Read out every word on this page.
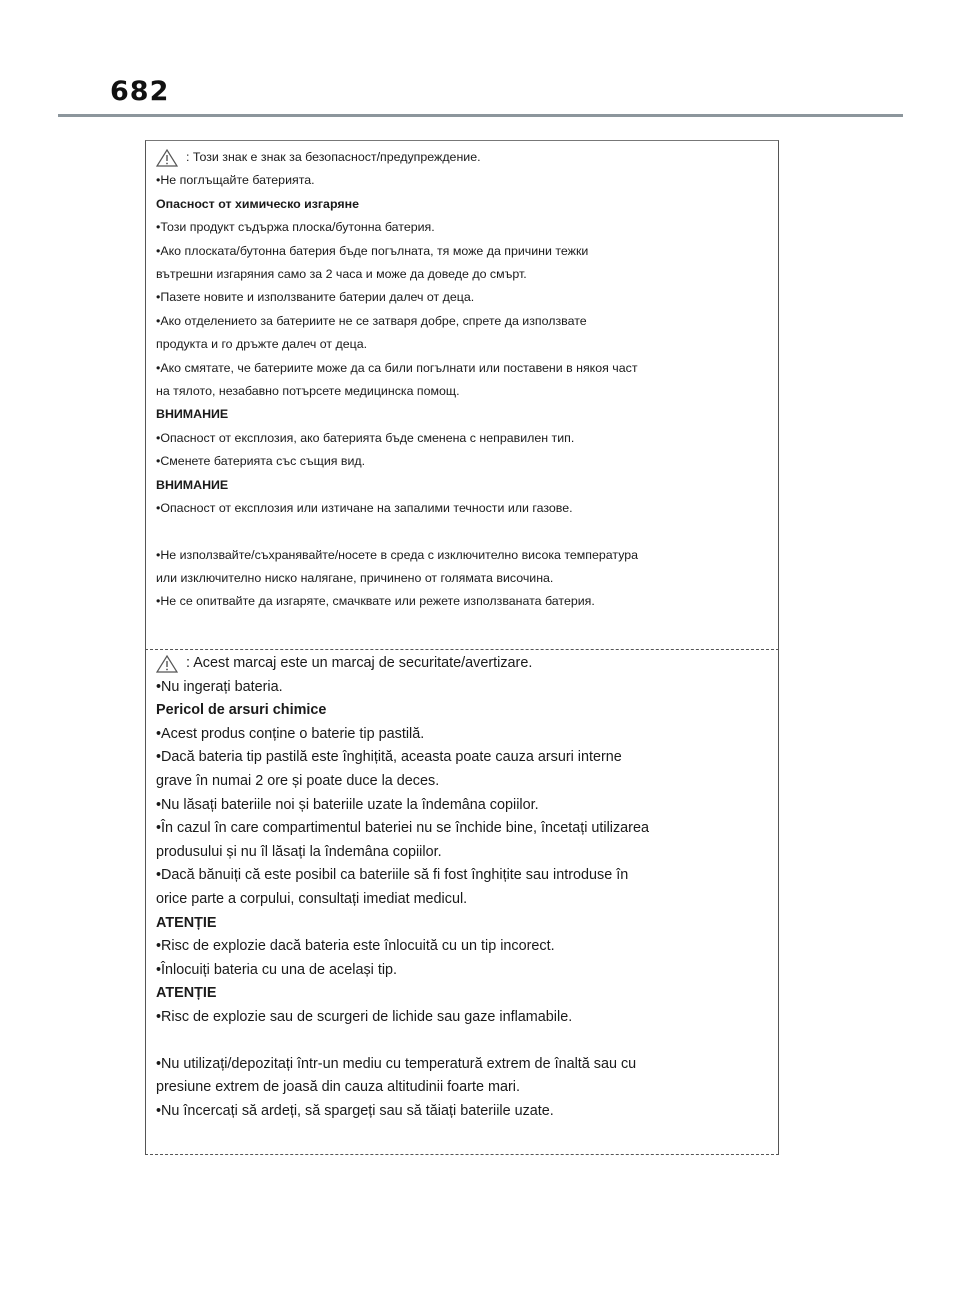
682
: Този знак е знак за безопасност/предупреждение.
•Не поглъщайте батерията.
Опасност от химическо изгаряне
•Този продукт съдържа плоска/бутонна батерия.
•Ако плоската/бутонна батерия бъде погълната, тя може да причини тежки
вътрешни изгаряния само за 2 часа и може да доведе до смърт.
•Пазете новите и използваните батерии далеч от деца.
•Ако отделението за батериите не се затваря добре, спрете да използвате
продукта и го дръжте далеч от деца.
•Ако смятате, че батериите може да са били погълнати или поставени в някоя част
на тялото, незабавно потърсете медицинска помощ.
ВНИМАНИЕ
•Опасност от експлозия, ако батерията бъде сменена с неправилен тип.
•Сменете батерията със същия вид.
ВНИМАНИЕ
•Опасност от експлозия или изтичане на запалими течности или газове.
•Не използвайте/съхранявайте/носете в среда с изключително висока температура
или изключително ниско налягане, причинено от голямата височина.
•Не се опитвайте да изгаряте, смачквате или режете използваната батерия.
: Acest marcaj este un marcaj de securitate/avertizare.
•Nu ingerați bateria.
Pericol de arsuri chimice
•Acest produs conține o baterie tip pastilă.
•Dacă bateria tip pastilă este înghițită, aceasta poate cauza arsuri interne
grave în numai 2 ore și poate duce la deces.
•Nu lăsați bateriile noi și bateriile uzate la îndemâna copiilor.
•În cazul în care compartimentul bateriei nu se închide bine, încetați utilizarea
produsului și nu îl lăsați la îndemâna copiilor.
•Dacă bănuiți că este posibil ca bateriile să fi fost înghițite sau introduse în
orice parte a corpului, consultați imediat medicul.
ATENȚIE
•Risc de explozie dacă bateria este înlocuită cu un tip incorect.
•Înlocuiți bateria cu una de același tip.
ATENȚIE
•Risc de explozie sau de scurgeri de lichide sau gaze inflamabile.
•Nu utilizați/depozitați într-un mediu cu temperatură extrem de înaltă sau cu
presiune extrem de joasă din cauza altitudinii foarte mari.
•Nu încercați să ardeți, să spargeți sau să tăiați bateriile uzate.
